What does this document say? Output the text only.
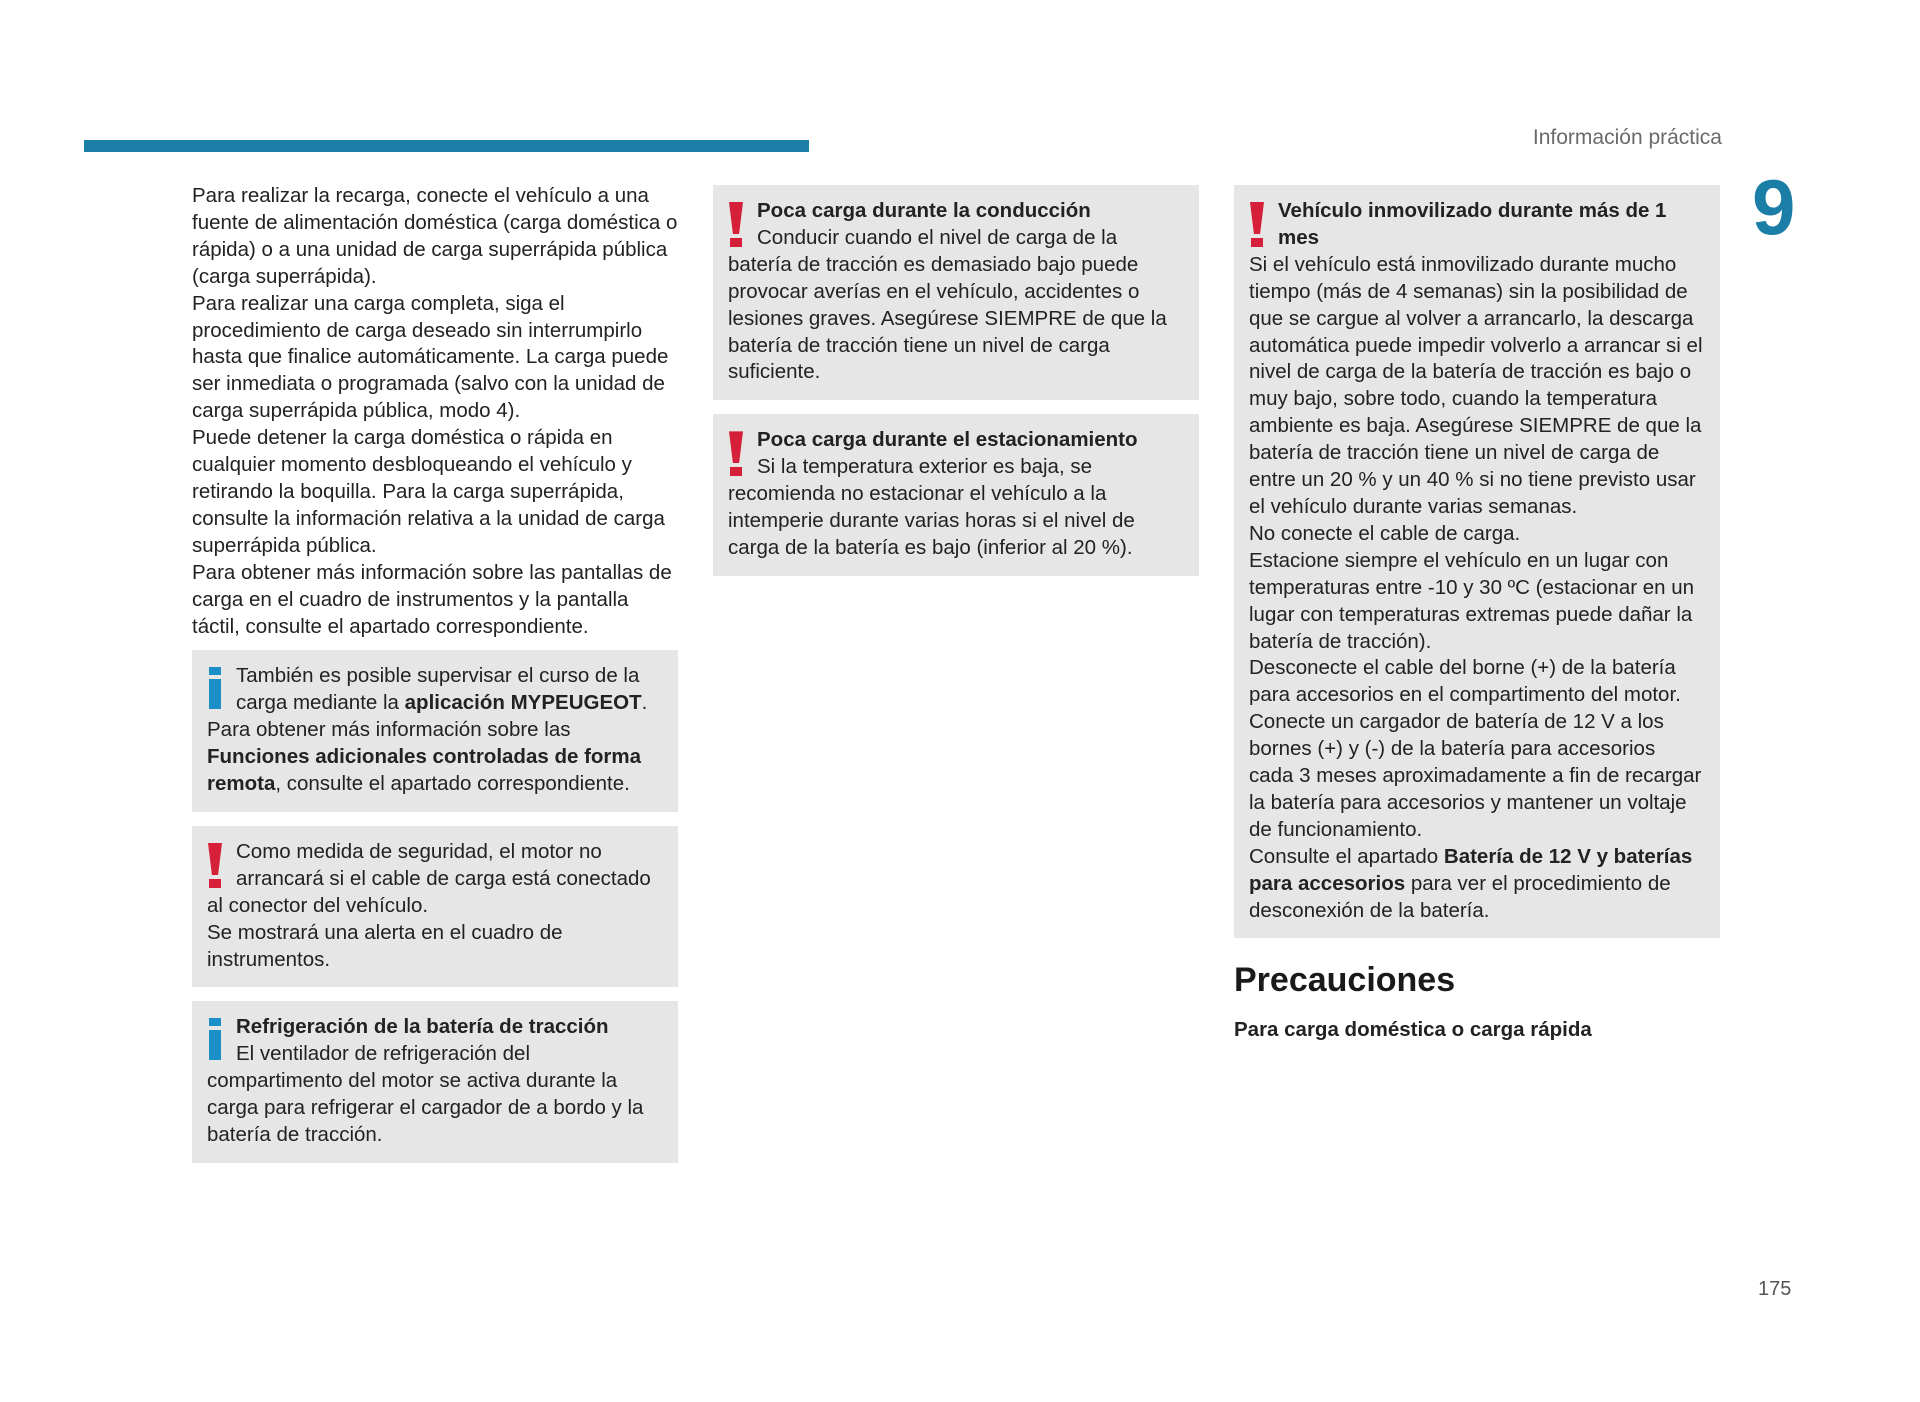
Información práctica
9
175

Para realizar la recarga, conecte el vehículo a una fuente de alimentación doméstica (carga doméstica o rápida) o a una unidad de carga superrápida pública (carga superrápida).

Para realizar una carga completa, siga el procedimiento de carga deseado sin interrumpirlo hasta que finalice automáticamente. La carga puede ser inmediata o programada (salvo con la unidad de carga superrápida pública, modo 4).

Puede detener la carga doméstica o rápida en cualquier momento desbloqueando el vehículo y retirando la boquilla. Para la carga superrápida, consulte la información relativa a la unidad de carga superrápida pública.

Para obtener más información sobre las pantallas de carga en el cuadro de instrumentos y la pantalla táctil, consulte el apartado correspondiente.

También es posible supervisar el curso de la carga mediante la aplicación MYPEUGEOT.

Para obtener más información sobre las Funciones adicionales controladas de forma remota, consulte el apartado correspondiente.

Como medida de seguridad, el motor no arrancará si el cable de carga está conectado al conector del vehículo.

Se mostrará una alerta en el cuadro de instrumentos.

Refrigeración de la batería de tracción

El ventilador de refrigeración del compartimento del motor se activa durante la carga para refrigerar el cargador de a bordo y la batería de tracción.

Poca carga durante la conducción

Conducir cuando el nivel de carga de la batería de tracción es demasiado bajo puede provocar averías en el vehículo, accidentes o lesiones graves. Asegúrese SIEMPRE de que la batería de tracción tiene un nivel de carga suficiente.

Poca carga durante el estacionamiento

Si la temperatura exterior es baja, se recomienda no estacionar el vehículo a la intemperie durante varias horas si el nivel de carga de la batería es bajo (inferior al 20 %).

Vehículo inmovilizado durante más de 1 mes

Si el vehículo está inmovilizado durante mucho tiempo (más de 4 semanas) sin la posibilidad de que se cargue al volver a arrancarlo, la descarga automática puede impedir volverlo a arrancar si el nivel de carga de la batería de tracción es bajo o muy bajo, sobre todo, cuando la temperatura ambiente es baja. Asegúrese SIEMPRE de que la batería de tracción tiene un nivel de carga de entre un 20 % y un 40 % si no tiene previsto usar el vehículo durante varias semanas.

No conecte el cable de carga.

Estacione siempre el vehículo en un lugar con temperaturas entre -10 y 30 ºC (estacionar en un lugar con temperaturas extremas puede dañar la batería de tracción).

Desconecte el cable del borne (+) de la batería para accesorios en el compartimento del motor.

Conecte un cargador de batería de 12 V a los bornes (+) y (-) de la batería para accesorios cada 3 meses aproximadamente a fin de recargar la batería para accesorios y mantener un voltaje de funcionamiento.

Consulte el apartado Batería de 12 V y baterías para accesorios para ver el procedimiento de desconexión de la batería.

Precauciones

Para carga doméstica o carga rápida
